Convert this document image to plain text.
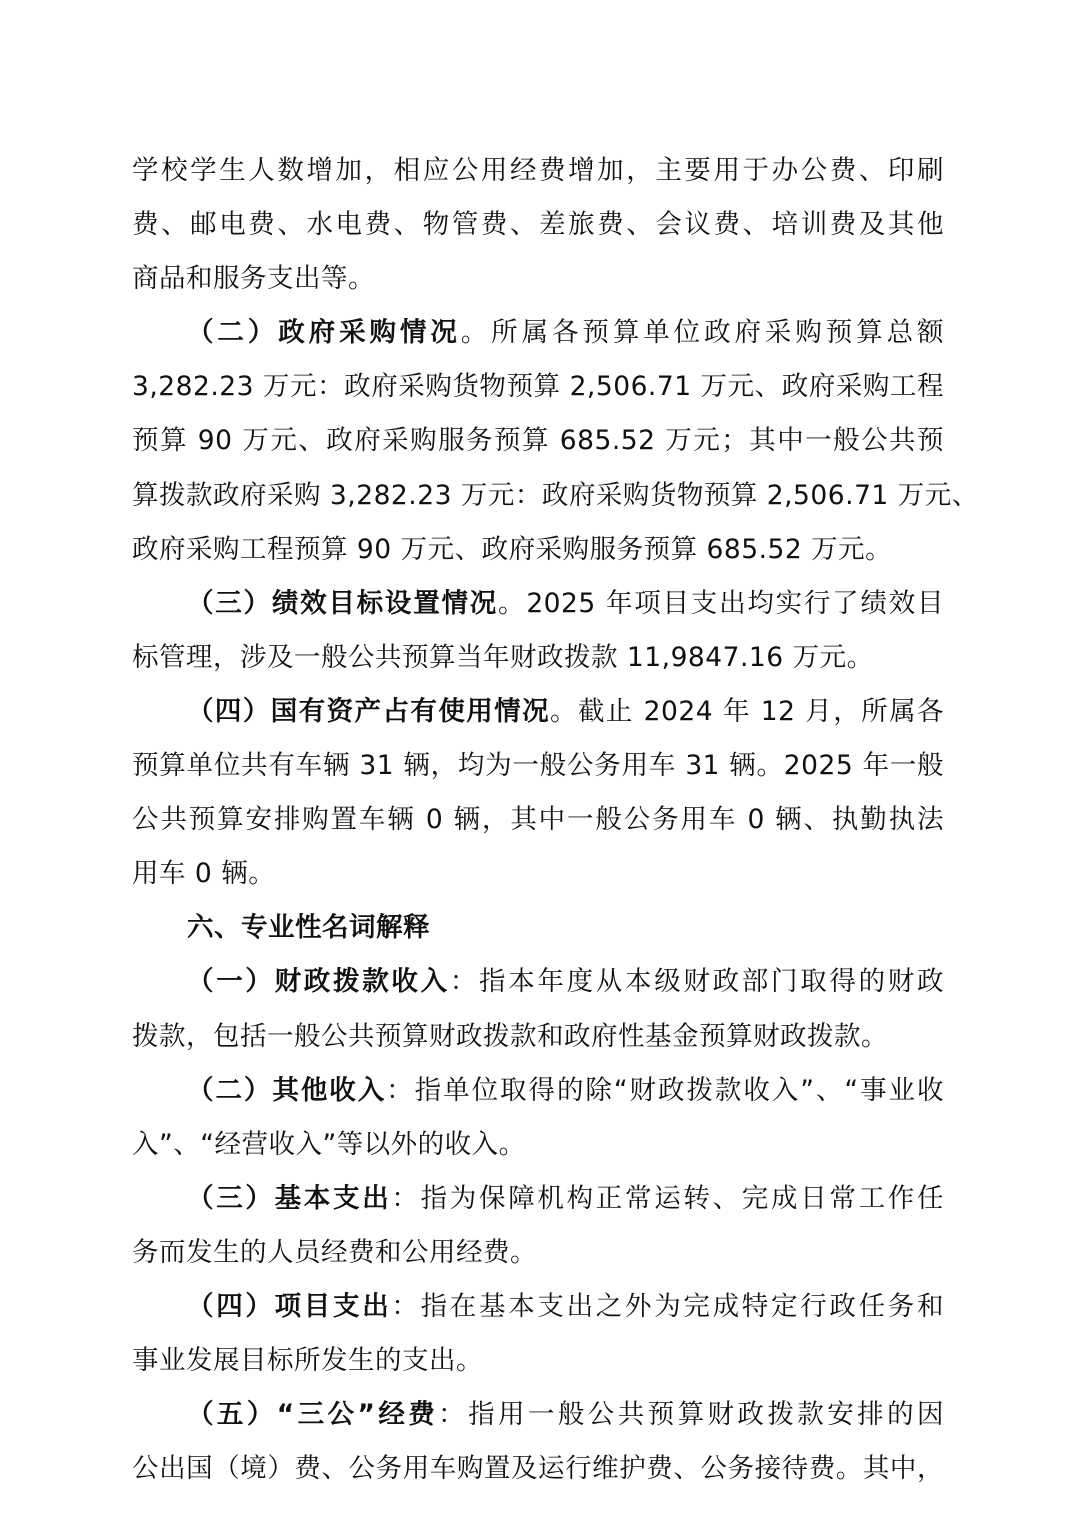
学校学生人数增加，相应公用经费增加，主要用于办公费、印刷
费、邮电费、水电费、物管费、差旅费、会议费、培训费及其他
商品和服务支出等。
（二）政府采购情况。所属各预算单位政府采购预算总额
3,282.23 万元：政府采购货物预算 2,506.71 万元、政府采购工程
预算 90 万元、政府采购服务预算 685.52 万元；其中一般公共预
算拨款政府采购 3,282.23 万元：政府采购货物预算 2,506.71 万元、
政府采购工程预算 90 万元、政府采购服务预算 685.52 万元。
（三）绩效目标设置情况。2025 年项目支出均实行了绩效目
标管理，涉及一般公共预算当年财政拨款 11,9847.16 万元。
（四）国有资产占有使用情况。截止 2024 年 12 月，所属各
预算单位共有车辆 31 辆，均为一般公务用车 31 辆。2025 年一般
公共预算安排购置车辆 0 辆，其中一般公务用车 0 辆、执勤执法
用车 0 辆。
六、专业性名词解释
（一）财政拨款收入：指本年度从本级财政部门取得的财政
拨款，包括一般公共预算财政拨款和政府性基金预算财政拨款。
（二）其他收入：指单位取得的除“财政拨款收入”、“事业收
入”、“经营收入”等以外的收入。
（三）基本支出：指为保障机构正常运转、完成日常工作任
务而发生的人员经费和公用经费。
（四）项目支出：指在基本支出之外为完成特定行政任务和
事业发展目标所发生的支出。
（五）“三公”经费：指用一般公共预算财政拨款安排的因
公出国（境）费、公务用车购置及运行维护费、公务接待费。其中，
